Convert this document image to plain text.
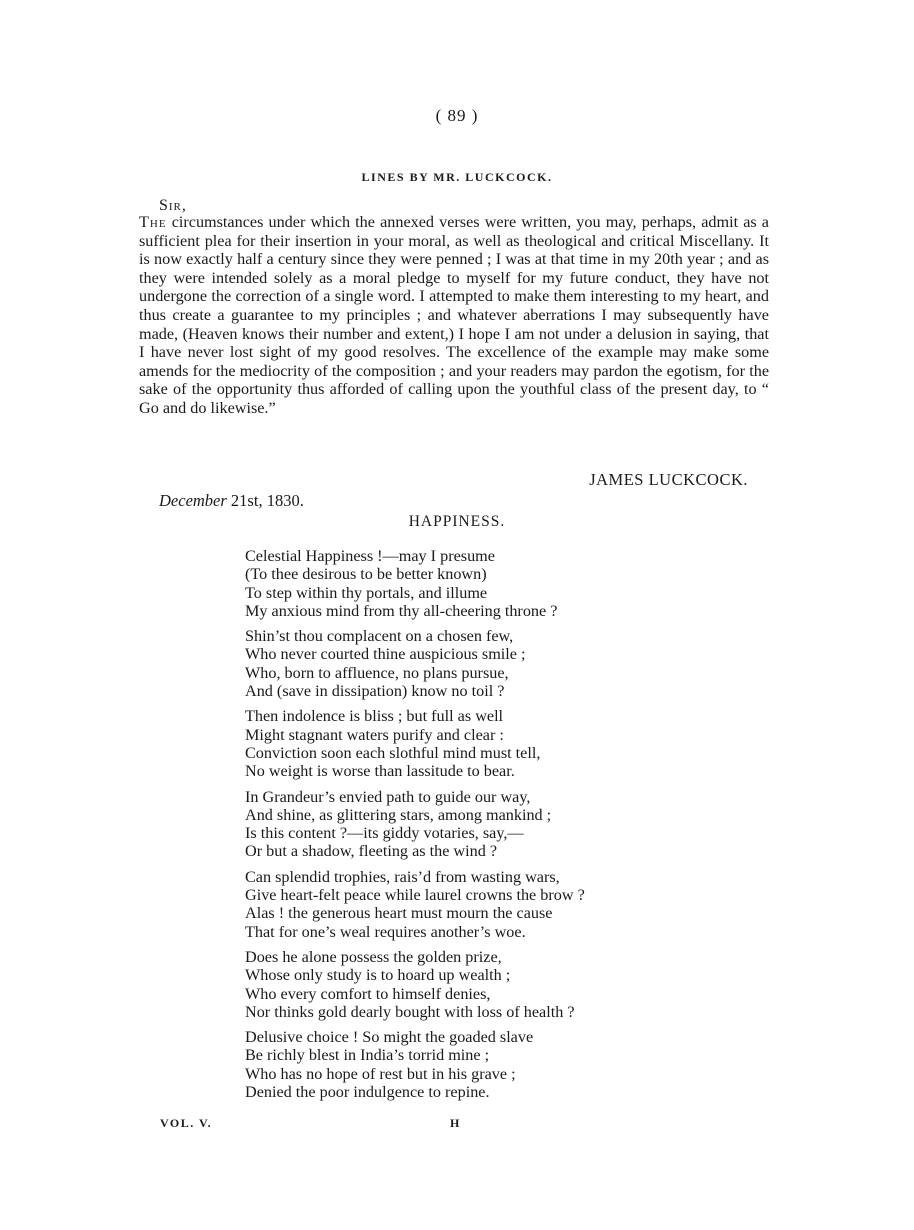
( 89 )
LINES BY MR. LUCKCOCK.
Sir,

The circumstances under which the annexed verses were written, you may, perhaps, admit as a sufficient plea for their insertion in your moral, as well as theological and critical Miscellany. It is now exactly half a century since they were penned ; I was at that time in my 20th year ; and as they were intended solely as a moral pledge to myself for my future conduct, they have not undergone the correction of a single word. I attempted to make them interesting to my heart, and thus create a guarantee to my principles ; and whatever aberrations I may subsequently have made, (Heaven knows their number and extent,) I hope I am not under a delusion in saying, that I have never lost sight of my good resolves. The excellence of the example may make some amends for the mediocrity of the composition ; and your readers may pardon the egotism, for the sake of the opportunity thus afforded of calling upon the youthful class of the present day, to “ Go and do likewise.”

JAMES LUCKCOCK.
December 21st, 1830.
HAPPINESS.
Celestial Happiness !—may I presume
(To thee desirous to be better known)
To step within thy portals, and illume
My anxious mind from thy all-cheering throne ?
Shin’st thou complacent on a chosen few,
Who never courted thine auspicious smile ;
Who, born to affluence, no plans pursue,
And (save in dissipation) know no toil ?
Then indolence is bliss ; but full as well
Might stagnant waters purify and clear :
Conviction soon each slothful mind must tell,
No weight is worse than lassitude to bear.
In Grandeur’s envied path to guide our way,
And shine, as glittering stars, among mankind ;
Is this content ?—its giddy votaries, say,—
Or but a shadow, fleeting as the wind ?
Can splendid trophies, rais’d from wasting wars,
Give heart-felt peace while laurel crowns the brow ?
Alas ! the generous heart must mourn the cause
That for one’s weal requires another’s woe.
Does he alone possess the golden prize,
Whose only study is to hoard up wealth ;
Who every comfort to himself denies,
Nor thinks gold dearly bought with loss of health ?
Delusive choice ! So might the goaded slave
Be richly blest in India’s torrid mine ;
Who has no hope of rest but in his grave ;
Denied the poor indulgence to repine.
VOL. V.	H
